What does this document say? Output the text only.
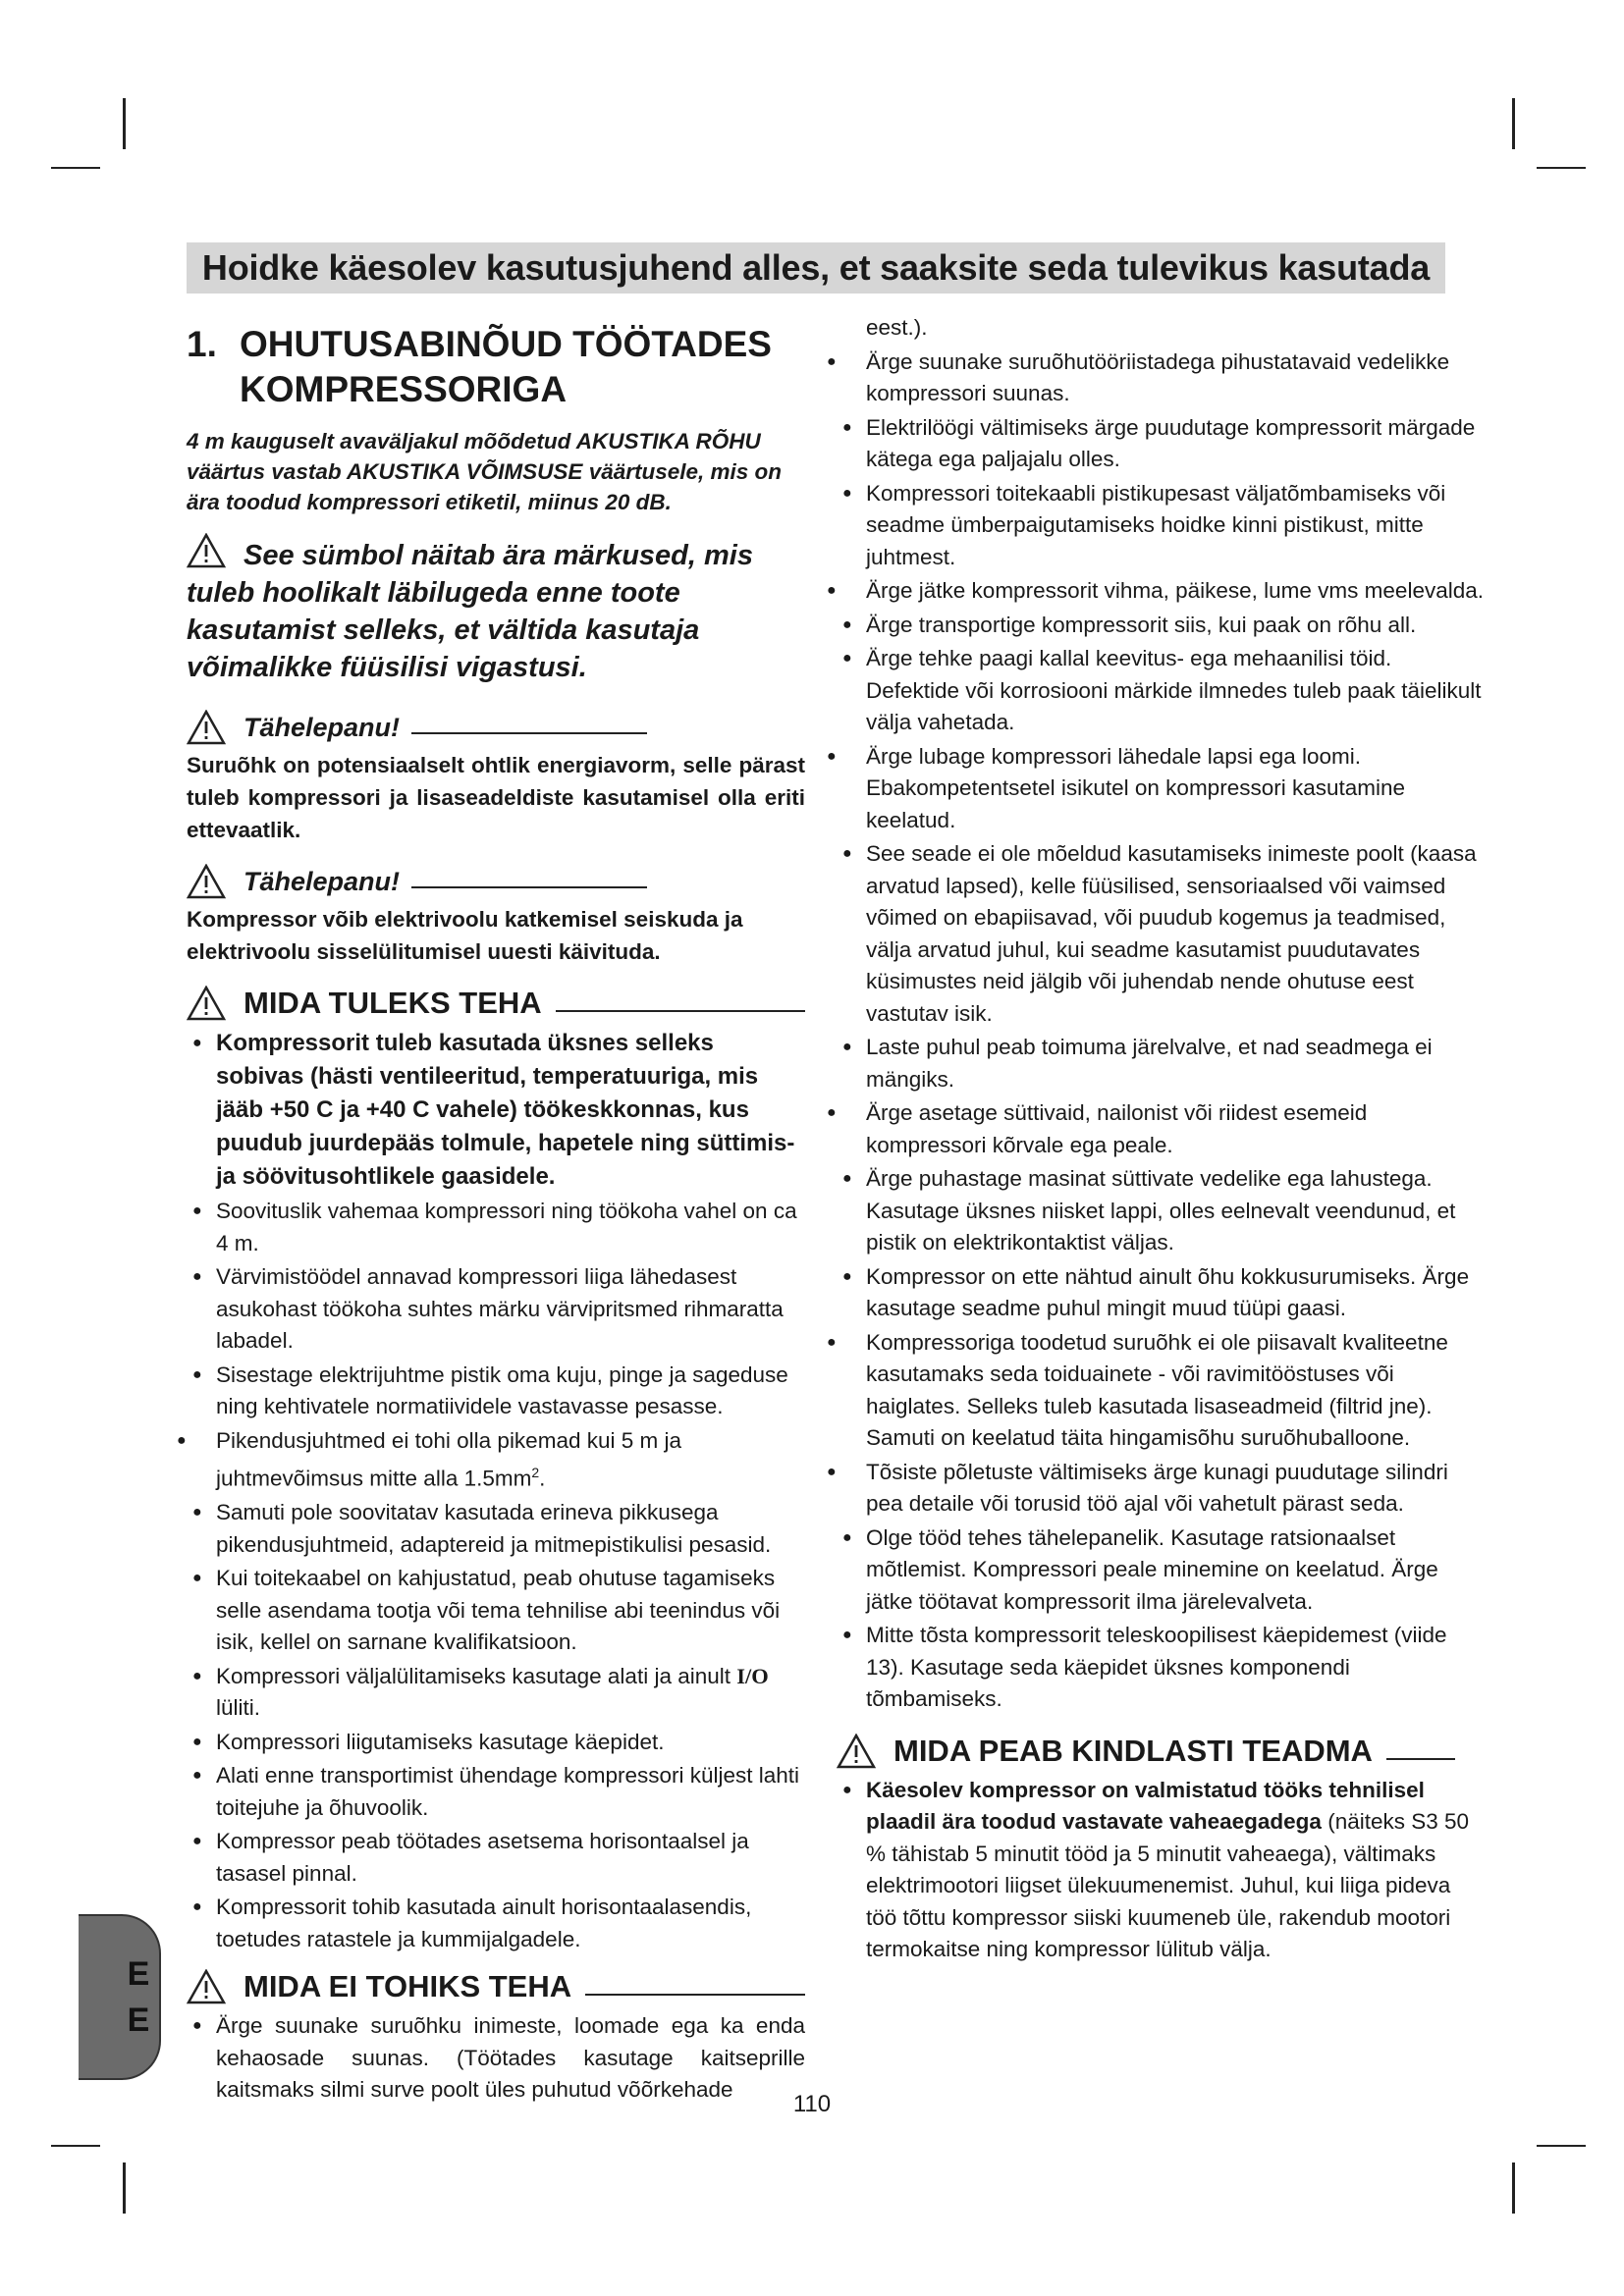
Hoidke käesolev kasutusjuhend alles, et saaksite seda tulevikus kasutada
1. OHUTUSABINÕUD TÖÖTADES
KOMPRESSORIGA

4 m kauguselt avaväljakul mõõdetud AKUSTIKA RÕHU väärtus vastab AKUSTIKA VÕIMSUSE väärtusele, mis on ära toodud kompressori etiketil, miinus 20 dB.

See sümbol näitab ära märkused, mis tuleb hoolikalt läbilugeda enne toote kasutamist selleks, et vältida kasutaja võimalikke füüsilisi vigastusi.

Tähelepanu!

Suruõhk on potensiaalselt ohtlik energiavorm, selle pärast tuleb kompressori ja lisaseadeldiste kasutamisel olla eriti ettevaatlik.

Tähelepanu!

Kompressor võib elektrivoolu katkemisel seiskuda ja elektrivoolu sisselülitumisel uuesti käivituda.

MIDA TULEKS TEHA
● Kompressorit tuleb kasutada üksnes selleks sobivas (hästi ventileeritud, temperatuuriga, mis jääb +50 C ja +40 C vahele) töökeskkonnas, kus puudub juurdepääs tolmule, hapetele ning süttimis- ja söövitusohtlikele gaasidele.
● Soovituslik vahemaa kompressori ning töökoha vahel on ca 4 m.
● Värvimistöödel annavad kompressori liiga lähedasest asukohast töökoha suhtes märku värvipritsmed rihmaratta labadel.
● Sisestage elektrijuhtme pistik oma kuju, pinge ja sageduse ning kehtivatele normatiividele vastavasse pesasse.
● Pikendusjuhtmed ei tohi olla pikemad kui 5 m ja juhtmevõimsus mitte alla $1.5mm^2$.
● Samuti pole soovitatav kasutada erineva pikkusega pikendusjuhtmeid, adaptereid ja mitmepistikulisi pesasid.
● Kui toitekaabel on kahjustatud, peab ohutuse tagamiseks selle asendama tootja või tema tehnilise abi teenindus või isik, kellel on sarnane kvalifikatsioon.
● Kompressori väljalülitamiseks kasutage alati ja ainult I/O lüliti.
● Kompressori liigutamiseks kasutage käepidet.
● Alati enne transportimist ühendage kompressori küljest lahti toitejuhe ja õhuvoolik.
● Kompressor peab töötades asetsema horisontaalsel ja tasasel pinnal.
● Kompressorit tohib kasutada ainult horisontaalasendis, toetudes ratastele ja kummijalgadele.
MIDA EI TOHIKS TEHA
● Ärge suunake suruõhku inimeste, loomade ega ka enda kehaosade suunas. (Töötades kasutage kaitseprille kaitsmaks silmi surve poolt üles puhutud võõrkehade
eest.).
● Ärge suunake suruõhutööriistadega pihustatavaid vedelikke kompressori suunas.
● Elektrilöögi vältimiseks ärge puudutage kompressorit märgade kätega ega paljajalu olles.
● Kompressori toitekaabli pistikupesast väljatõmbamiseks või seadme ümberpaigutamiseks hoidke kinni pistikust, mitte juhtmest.
● Ärge jätke kompressorit vihma, päikese, lume vms meelevalda.
● Ärge transportige kompressorit siis, kui paak on rõhu all.
● Ärge tehke paagi kallal keevitus- ega mehaanilisi töid. Defektide või korrosiooni märkide ilmnedes tuleb paak täielikult välja vahetada.
● Ärge lubage kompressori lähedale lapsi ega loomi. Ebakompetentsetel isikutel on kompressori kasutamine keelatud.
● See seade ei ole mõeldud kasutamiseks inimeste poolt (kaasa arvatud lapsed), kelle füüsilised, sensoriaalsed või vaimsed võimed on ebapiisavad, või puudub kogemus ja teadmised, välja arvatud juhul, kui seadme kasutamist puudutavates küsimustes neid jälgib või juhendab nende ohutuse eest vastutav isik.
● Laste puhul peab toimuma järelvalve, et nad seadmega ei mängiks.
● Ärge asetage süttivaid, nailonist või riidest esemeid kompressori kõrvale ega peale.
● Ärge puhastage masinat süttivate vedelike ega lahustega. Kasutage üksnes niisket lappi, olles eelnevalt veendunud, et pistik on elektrikontaktist väljas.
● Kompressor on ette nähtud ainult õhu kokkusurumiseks. Ärge kasutage seadme puhul mingit muud tüüpi gaasi.
● Kompressoriga toodetud suruõhk ei ole piisavalt kvaliteetne kasutamaks seda toiduainete - või ravimitööstuses või haiglates. Selleks tuleb kasutada lisaseadmeid (filtrid jne). Samuti on keelatud täita hingamisõhu suruõhuballoone.
● Tõsiste põletuste vältimiseks ärge kunagi puudutage silindri pea detaile või torusid töö ajal või vahetult pärast seda.
● Olge tööd tehes tähelepanelik. Kasutage ratsionaalset mõtlemist. Kompressori peale minemine on keelatud. Ärge jätke töötavat kompressorit ilma järelevalveta.
● Mitte tõsta kompressorit teleskoopilisest käepidemest (viide 13). Kasutage seda käepidet üksnes komponendi tõmbamiseks.
MIDA PEAB KINDLASTI TEADMA
● Käesolev kompressor on valmistatud tööks tehnilisel plaadil ära toodud vastavate vaheaegadega (näiteks S3 50 % tähistab 5 minutit tööd ja 5 minutit vaheaega), vältimaks elektrimootori liigset ülekuumenemist. Juhul, kui liiga pideva töö tõttu kompressor siiski kuumeneb üle, rakendub mootori termokaitse ning kompressor lülitub välja.
E
E
110
